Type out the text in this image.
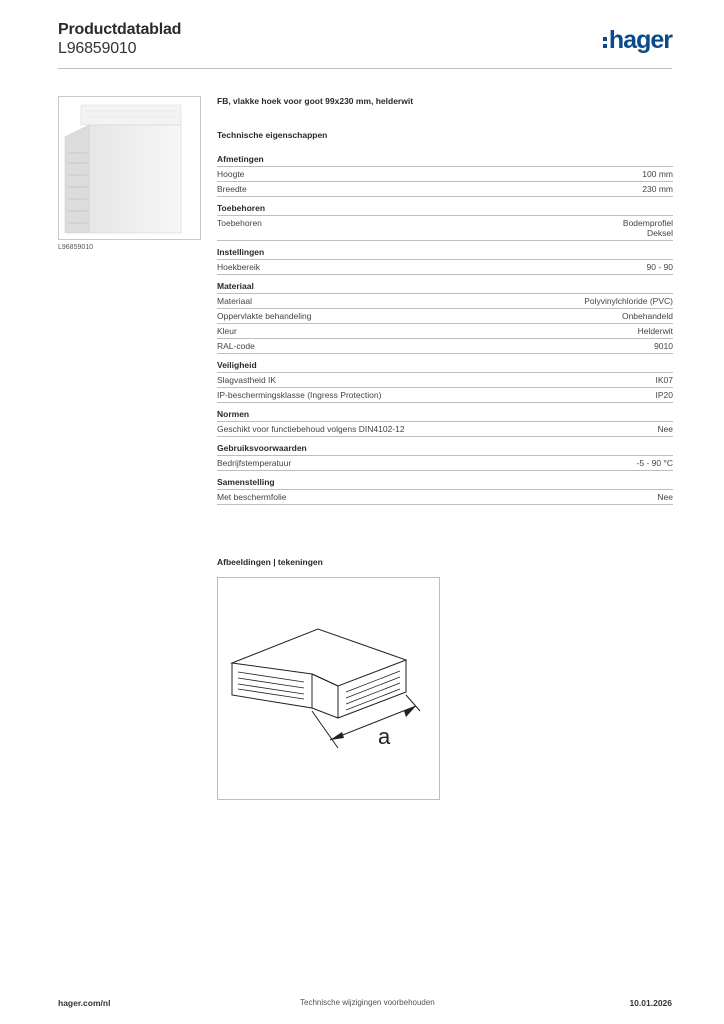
Productdatablad
L96859010	hager
L96859010
FB, vlakke hoek voor goot 99x230 mm, helderwit
Technische eigenschappen
Afmetingen
Hoogte	100 mm
Breedte	230 mm
Toebehoren
Toebehoren	Bodemprofiel
Deksel
Instellingen
Hoekbereik	90 - 90
Materiaal
Materiaal	Polyvinylchloride (PVC)
Oppervlakte behandeling	Onbehandeld
Kleur	Helderwit
RAL-code	9010
Veiligheid
Slagvastheid IK	IK07
IP-beschermingsklasse (Ingress Protection)	IP20
Normen
Geschikt voor functiebehoud volgens DIN4102-12	Nee
Gebruiksvoorwaarden
Bedrijfstemperatuur	-5 - 90 °C
Samenstelling
Met beschermfolie	Nee
Afbeeldingen | tekeningen
a
hager.com/nl	Technische wijzigingen voorbehouden	10.01.2026
